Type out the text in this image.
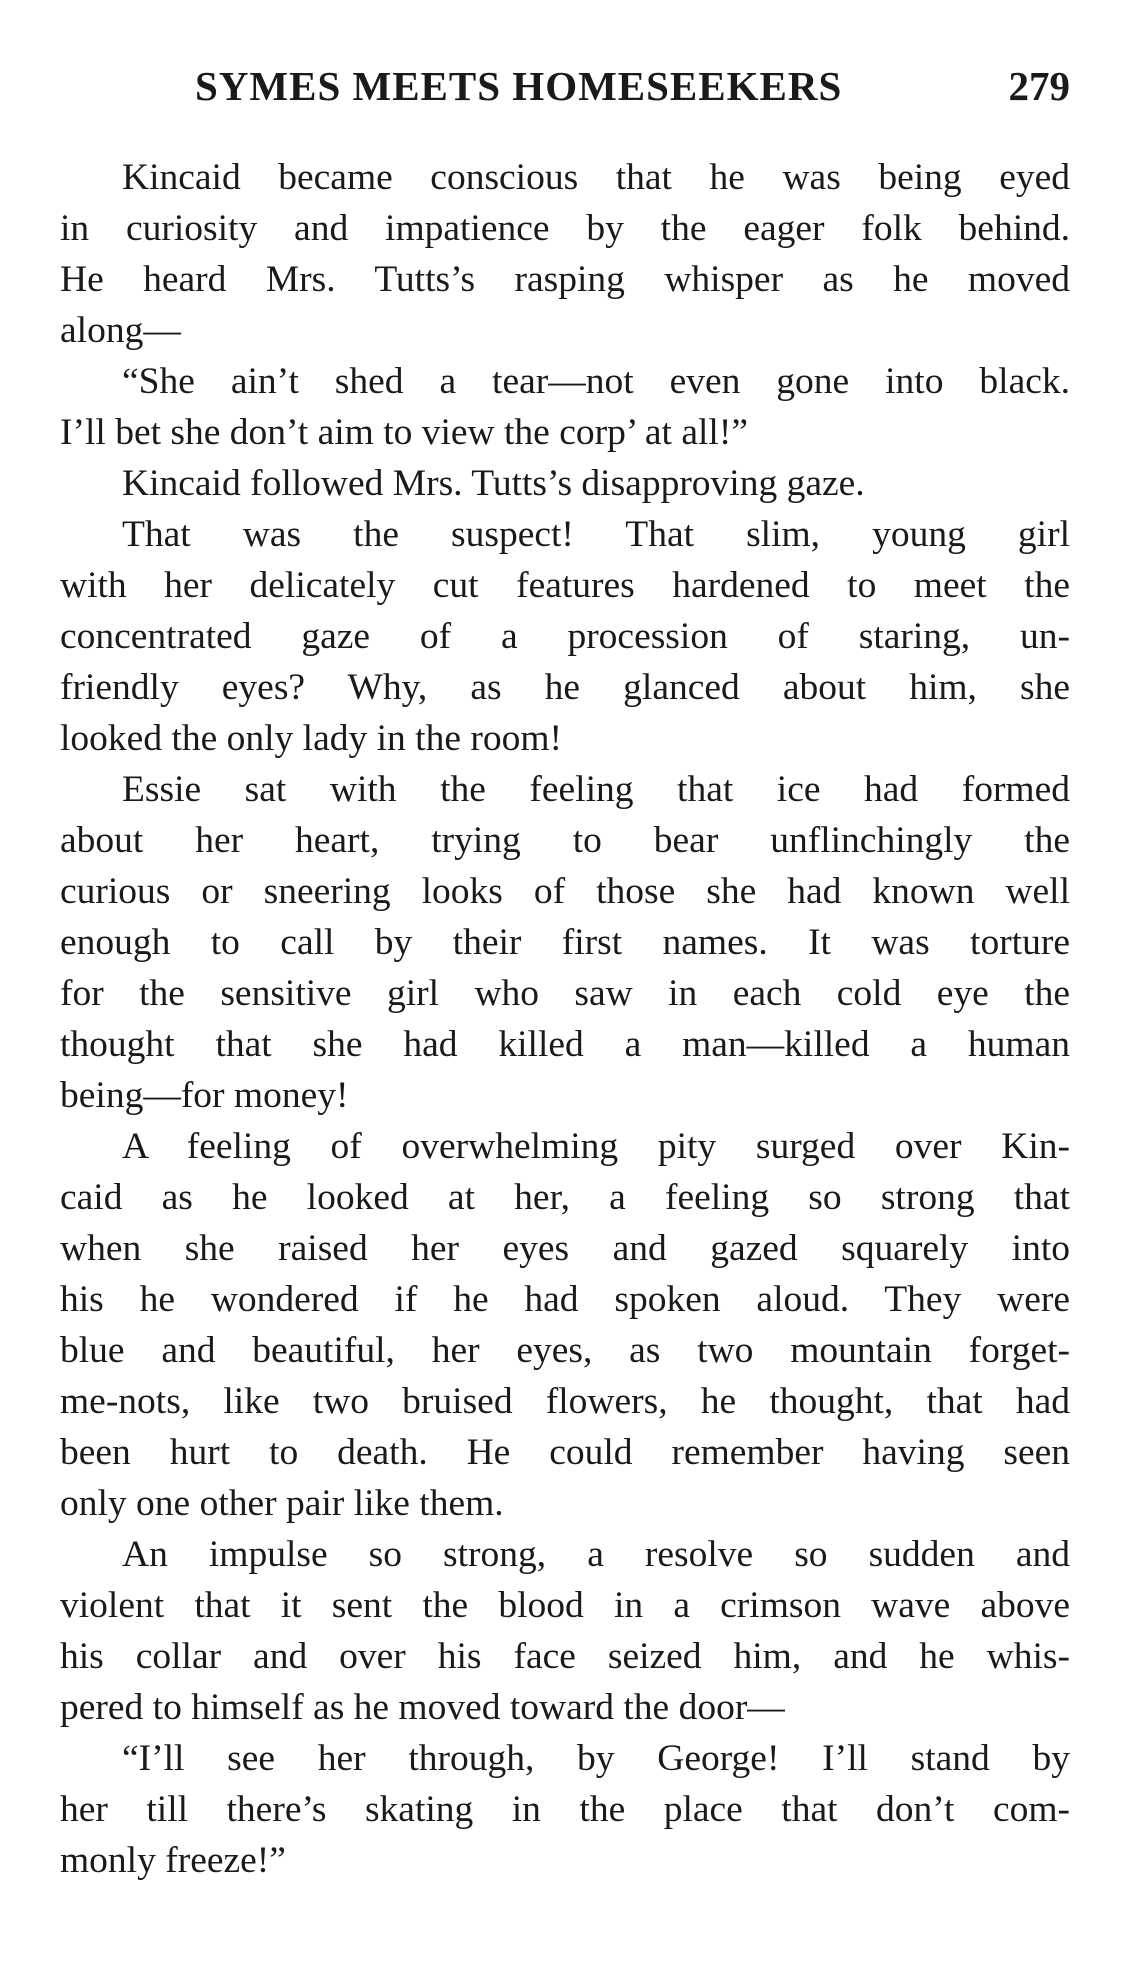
SYMES MEETS HOMESEEKERS	279
Kincaid became conscious that he was being eyed
in curiosity and impatience by the eager folk behind.
He heard Mrs. Tutts’s rasping whisper as he moved
along—
“She ain’t shed a tear—not even gone into black.
I’ll bet she don’t aim to view the corp’ at all!”
Kincaid followed Mrs. Tutts’s disapproving gaze.
That was the suspect! That slim, young girl
with her delicately cut features hardened to meet the
concentrated gaze of a procession of staring, un-
friendly eyes? Why, as he glanced about him, she
looked the only lady in the room!
Essie sat with the feeling that ice had formed
about her heart, trying to bear unflinchingly the
curious or sneering looks of those she had known well
enough to call by their first names. It was torture
for the sensitive girl who saw in each cold eye the
thought that she had killed a man—killed a human
being—for money!
A feeling of overwhelming pity surged over Kin-
caid as he looked at her, a feeling so strong that
when she raised her eyes and gazed squarely into
his he wondered if he had spoken aloud. They were
blue and beautiful, her eyes, as two mountain forget-
me-nots, like two bruised flowers, he thought, that had
been hurt to death. He could remember having seen
only one other pair like them.
An impulse so strong, a resolve so sudden and
violent that it sent the blood in a crimson wave above
his collar and over his face seized him, and he whis-
pered to himself as he moved toward the door—
“I’ll see her through, by George! I’ll stand by
her till there’s skating in the place that don’t com-
monly freeze!”
